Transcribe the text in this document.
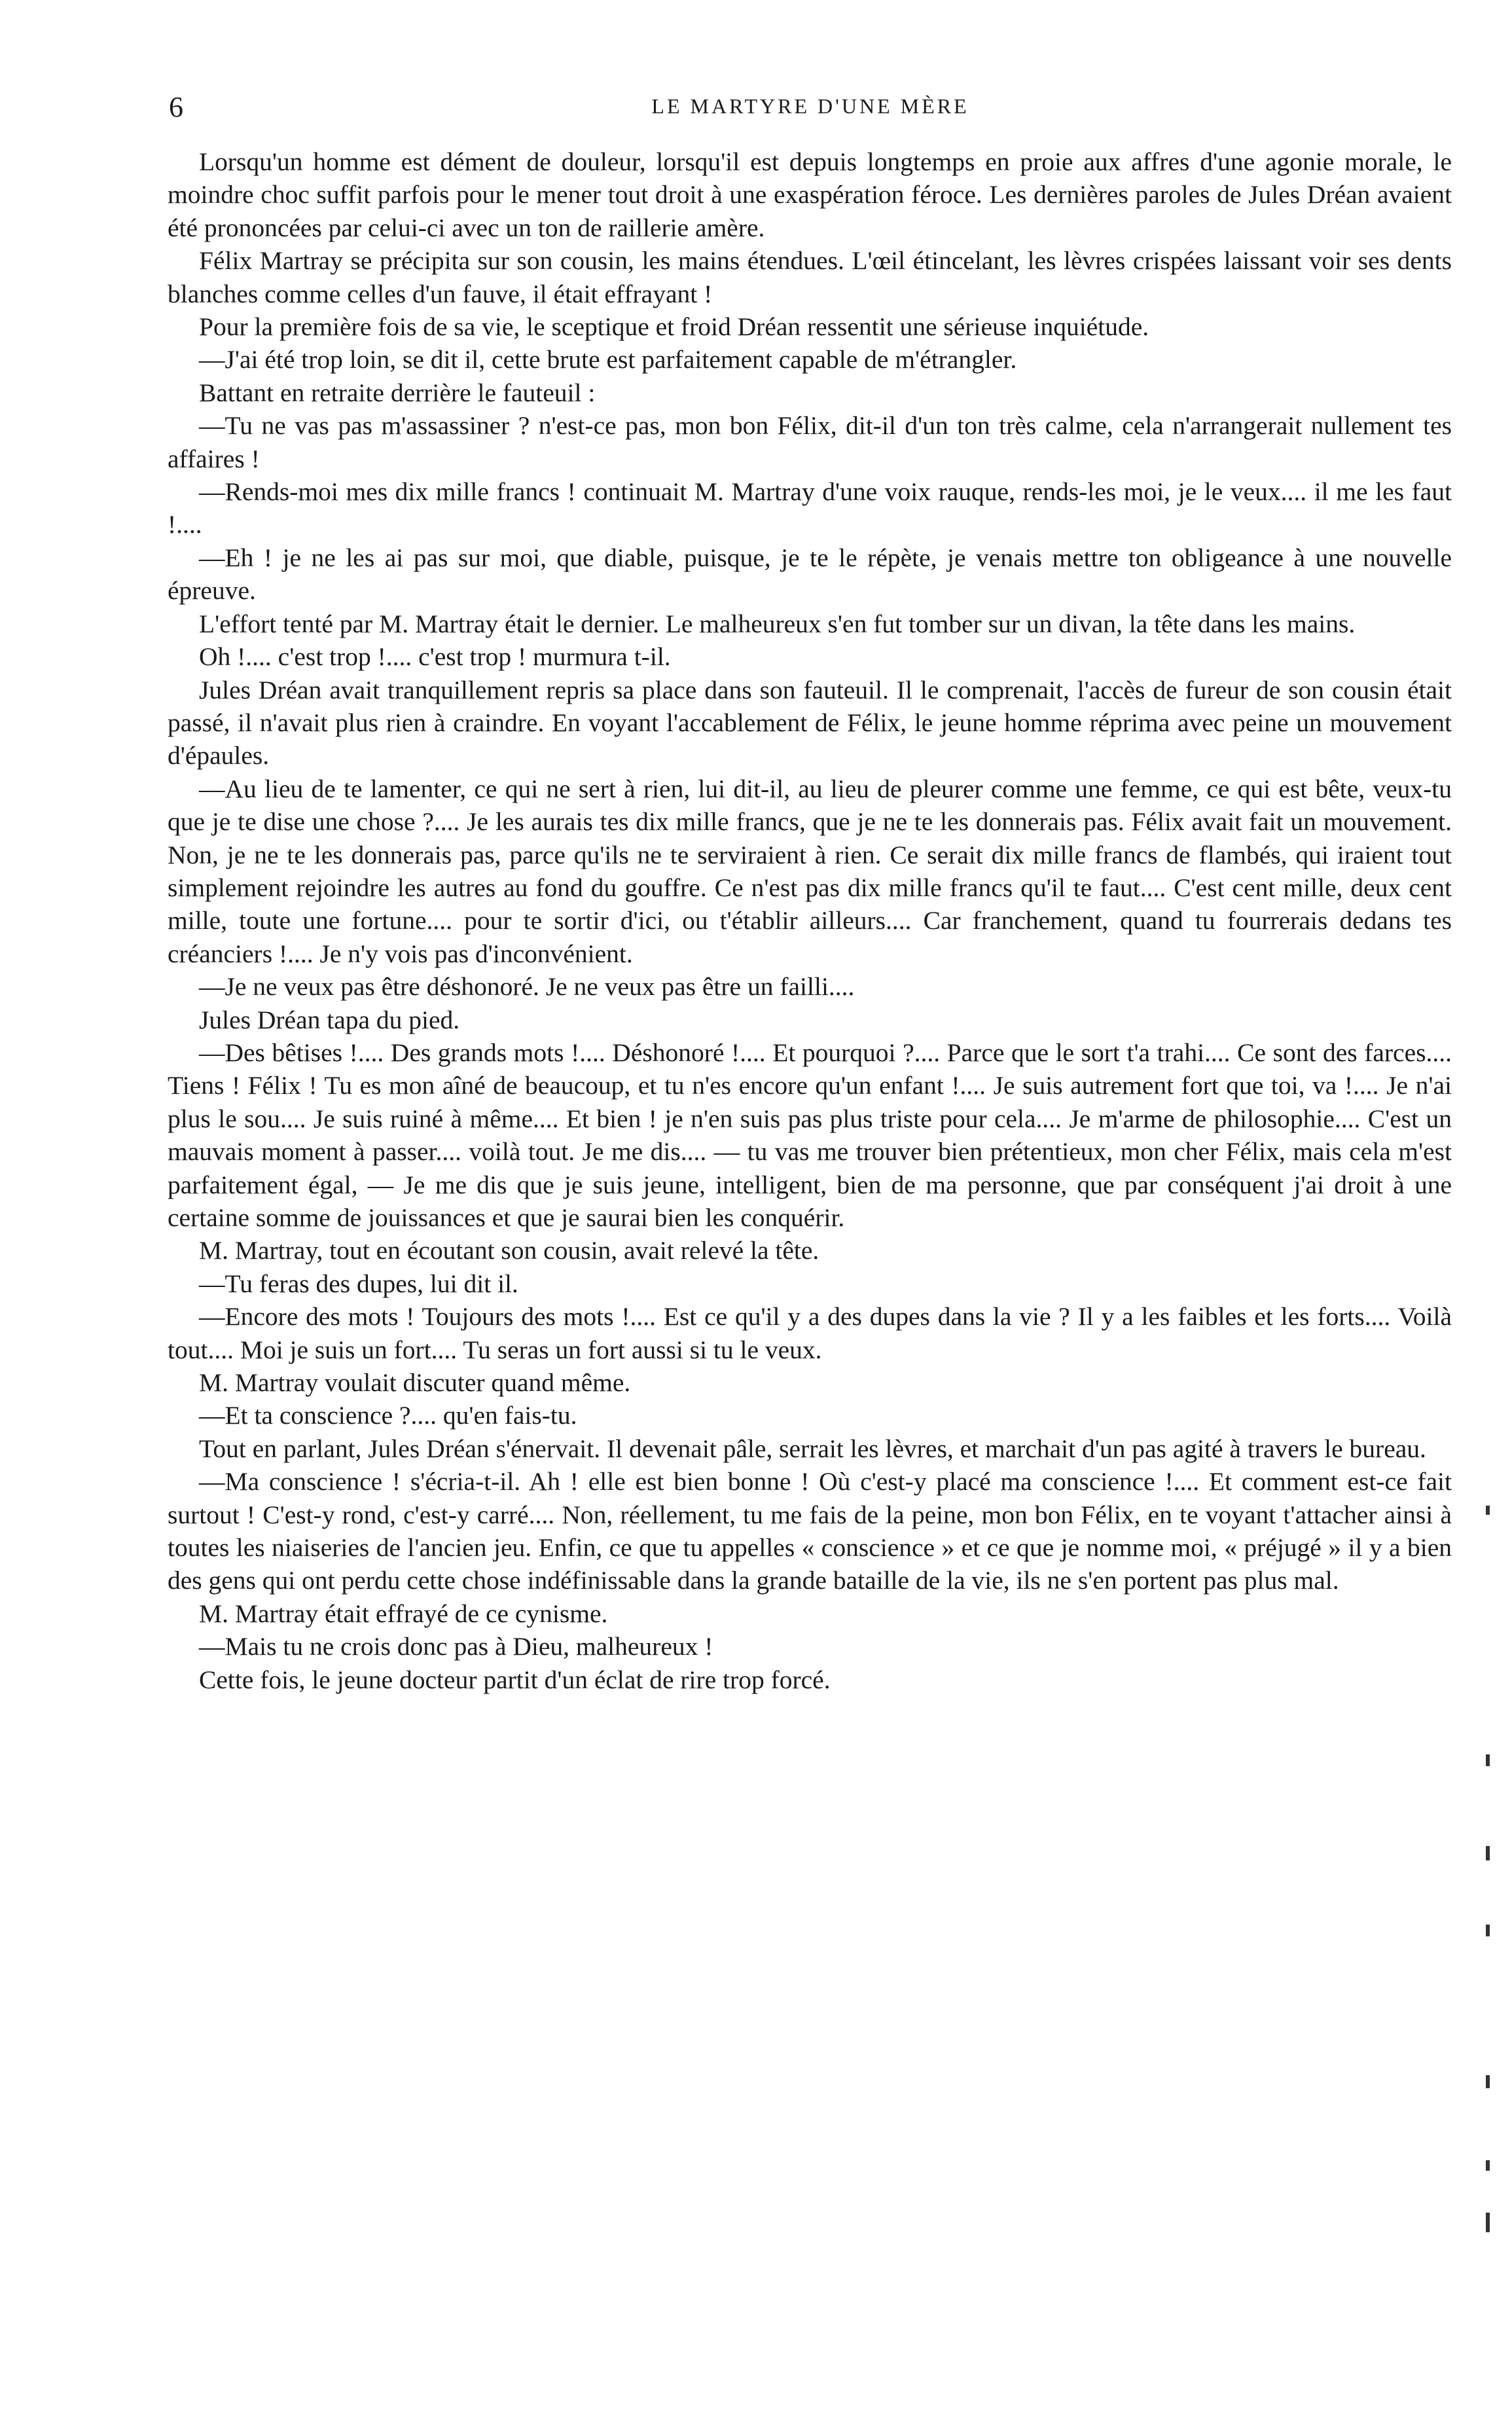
6	LE MARTYRE D'UNE MÈRE

Lorsqu'un homme est dément de douleur, lorsqu'il est depuis longtemps en proie aux affres d'une agonie morale, le moindre choc suffit parfois pour le mener tout droit à une exaspération féroce. Les dernières paroles de Jules Dréan avaient été prononcées par celui-ci avec un ton de raillerie amère.

Félix Martray se précipita sur son cousin, les mains étendues. L'œil étincelant, les lèvres crispées laissant voir ses dents blanches comme celles d'un fauve, il était effrayant !

Pour la première fois de sa vie, le sceptique et froid Dréan ressentit une sérieuse inquiétude.

—J'ai été trop loin, se dit il, cette brute est parfaitement capable de m'étrangler.

Battant en retraite derrière le fauteuil :

—Tu ne vas pas m'assassiner ? n'est-ce pas, mon bon Félix, dit-il d'un ton très calme, cela n'arrangerait nullement tes affaires !

—Rends-moi mes dix mille francs ! continuait M. Martray d'une voix rauque, rends-les moi, je le veux.... il me les faut !....

—Eh ! je ne les ai pas sur moi, que diable, puisque, je te le répète, je venais mettre ton obligeance à une nouvelle épreuve.

L'effort tenté par M. Martray était le dernier. Le malheureux s'en fut tomber sur un divan, la tête dans les mains.

Oh !.... c'est trop !.... c'est trop ! murmura t-il.

Jules Dréan avait tranquillement repris sa place dans son fauteuil. Il le comprenait, l'accès de fureur de son cousin était passé, il n'avait plus rien à craindre. En voyant l'accablement de Félix, le jeune homme réprima avec peine un mouvement d'épaules.

—Au lieu de te lamenter, ce qui ne sert à rien, lui dit-il, au lieu de pleurer comme une femme, ce qui est bête, veux-tu que je te dise une chose ?.... Je les aurais tes dix mille francs, que je ne te les donnerais pas. Félix avait fait un mouvement. Non, je ne te les donnerais pas, parce qu'ils ne te serviraient à rien. Ce serait dix mille francs de flambés, qui iraient tout simplement rejoindre les autres au fond du gouffre. Ce n'est pas dix mille francs qu'il te faut.... C'est cent mille, deux cent mille, toute une fortune.... pour te sortir d'ici, ou t'établir ailleurs.... Car franchement, quand tu fourrerais dedans tes créanciers !.... Je n'y vois pas d'inconvénient.

—Je ne veux pas être déshonoré. Je ne veux pas être un failli....

Jules Dréan tapa du pied.

—Des bêtises !.... Des grands mots !.... Déshonoré !.... Et pourquoi ?.... Parce que le sort t'a trahi.... Ce sont des farces.... Tiens ! Félix ! Tu es mon aîné de beaucoup, et tu n'es encore qu'un enfant !.... Je suis autrement fort que toi, va !.... Je n'ai plus le sou.... Je suis ruiné à même.... Et bien ! je n'en suis pas plus triste pour cela.... Je m'arme de philosophie.... C'est un mauvais moment à passer.... voilà tout. Je me dis.... — tu vas me trouver bien prétentieux, mon cher Félix, mais cela m'est parfaitement égal, — Je me dis que je suis jeune, intelligent, bien de ma personne, que par conséquent j'ai droit à une certaine somme de jouissances et que je saurai bien les conquérir.

M. Martray, tout en écoutant son cousin, avait relevé la tête.

—Tu feras des dupes, lui dit il.

—Encore des mots ! Toujours des mots !.... Est ce qu'il y a des dupes dans la vie ? Il y a les faibles et les forts.... Voilà tout.... Moi je suis un fort.... Tu seras un fort aussi si tu le veux.

M. Martray voulait discuter quand même.

—Et ta conscience ?.... qu'en fais-tu.

Tout en parlant, Jules Dréan s'énervait. Il devenait pâle, serrait les lèvres, et marchait d'un pas agité à travers le bureau.

—Ma conscience ! s'écria-t-il. Ah ! elle est bien bonne ! Où c'est-y placé ma conscience !.... Et comment est-ce fait surtout ! C'est-y rond, c'est-y carré.... Non, réellement, tu me fais de la peine, mon bon Félix, en te voyant t'attacher ainsi à toutes les niaiseries de l'ancien jeu. Enfin, ce que tu appelles « conscience » et ce que je nomme moi, « préjugé » il y a bien des gens qui ont perdu cette chose indéfinissable dans la grande bataille de la vie, ils ne s'en portent pas plus mal.

M. Martray était effrayé de ce cynisme.

—Mais tu ne crois donc pas à Dieu, malheureux !

Cette fois, le jeune docteur partit d'un éclat de rire trop forcé.
